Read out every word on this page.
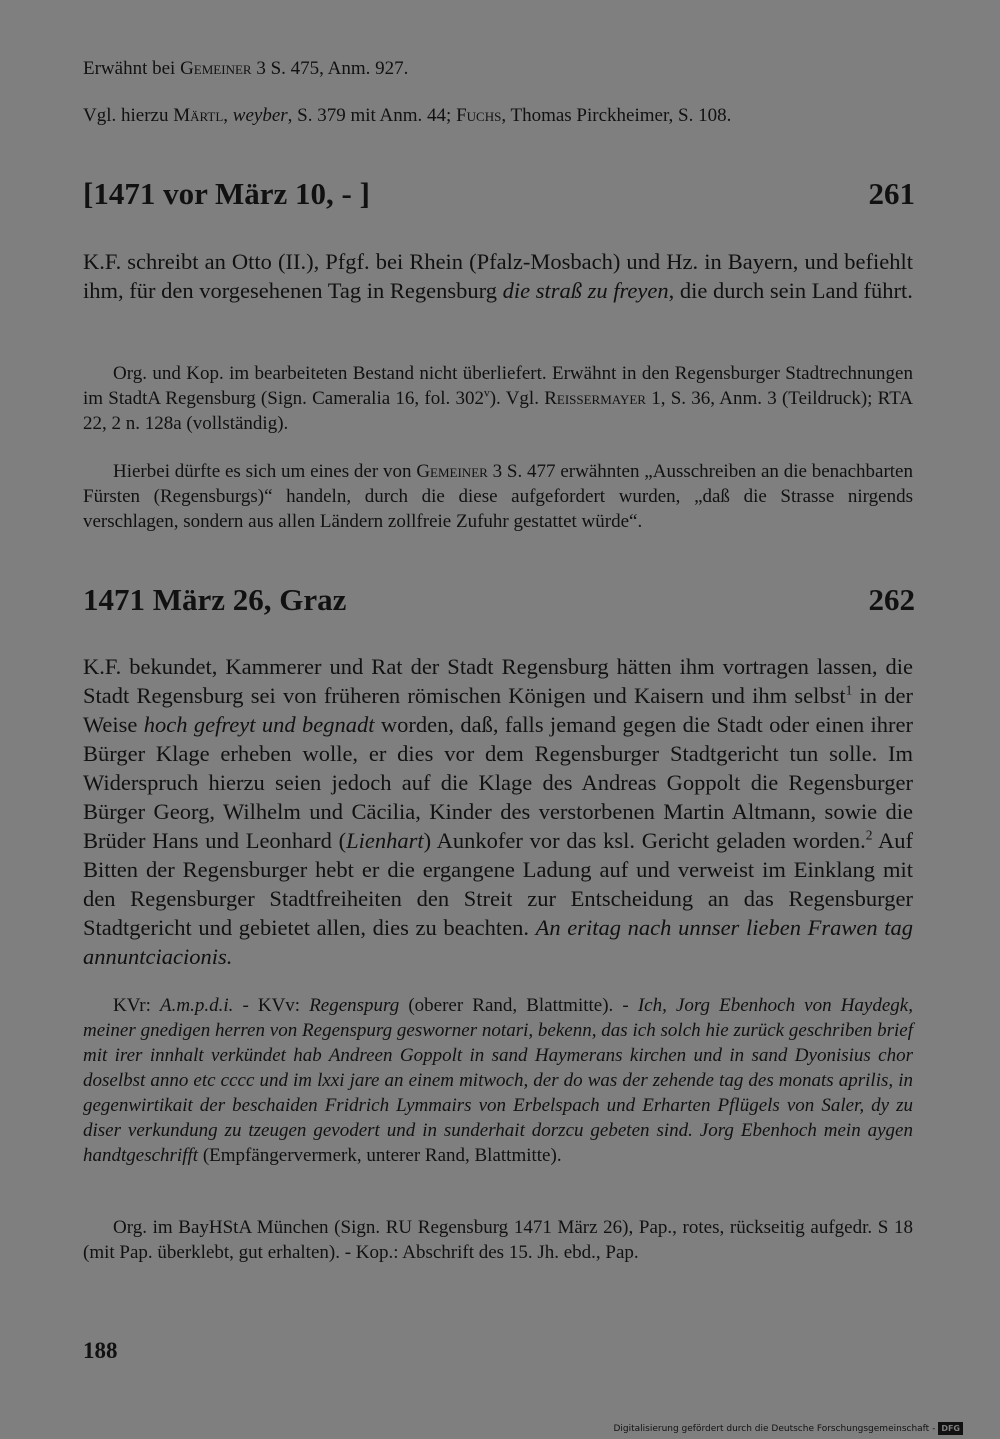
Erwähnt bei Gemeiner 3 S. 475, Anm. 927.

Vgl. hierzu Märtl, weyber, S. 379 mit Anm. 44; Fuchs, Thomas Pirckheimer, S. 108.

[1471 vor März 10, - ]	261

K.F. schreibt an Otto (II.), Pfgf. bei Rhein (Pfalz-Mosbach) und Hz. in Bayern, und befiehlt ihm, für den vorgesehenen Tag in Regensburg die straß zu freyen, die durch sein Land führt.

Org. und Kop. im bearbeiteten Bestand nicht überliefert. Erwähnt in den Regensburger Stadtrechnungen im StadtA Regensburg (Sign. Cameralia 16, fol. 302$^v$). Vgl. Reissermayer 1, S. 36, Anm. 3 (Teildruck); RTA 22, 2 n. 128a (vollständig).

Hierbei dürfte es sich um eines der von Gemeiner 3 S. 477 erwähnten „Ausschreiben an die benachbarten Fürsten (Regensburgs)“ handeln, durch die diese aufgefordert wurden, „daß die Strasse nirgends verschlagen, sondern aus allen Ländern zollfreie Zufuhr gestattet würde“.

1471 März 26, Graz	262

K.F. bekundet, Kammerer und Rat der Stadt Regensburg hätten ihm vortragen lassen, die Stadt Regensburg sei von früheren römischen Königen und Kaisern und ihm selbst$^1$ in der Weise hoch gefreyt und begnadt worden, daß, falls jemand gegen die Stadt oder einen ihrer Bürger Klage erheben wolle, er dies vor dem Regensburger Stadtgericht tun solle. Im Widerspruch hierzu seien jedoch auf die Klage des Andreas Goppolt die Regensburger Bürger Georg, Wilhelm und Cäcilia, Kinder des verstorbenen Martin Altmann, sowie die Brüder Hans und Leonhard (Lienhart) Aunkofer vor das ksl. Gericht geladen worden.$^2$ Auf Bitten der Regensburger hebt er die ergangene Ladung auf und verweist im Einklang mit den Regensburger Stadtfreiheiten den Streit zur Entscheidung an das Regensburger Stadtgericht und gebietet allen, dies zu beachten. An eritag nach unnser lieben Frawen tag annuntciacionis.

KVr: A.m.p.d.i. - KVv: Regenspurg (oberer Rand, Blattmitte). - Ich, Jorg Ebenhoch von Haydegk, meiner gnedigen herren von Regenspurg gesworner notari, bekenn, das ich solch hie zurück geschriben brief mit irer innhalt verkündet hab Andreen Goppolt in sand Haymerans kirchen und in sand Dyonisius chor doselbst anno etc cccc und im lxxi jare an einem mitwoch, der do was der zehende tag des monats aprilis, in gegenwirtikait der beschaiden Fridrich Lymmairs von Erbelspach und Erharten Pflügels von Saler, dy zu diser verkundung zu tzeugen gevodert und in sunderhait dorzcu gebeten sind. Jorg Ebenhoch mein aygen handtgeschrifft (Empfängervermerk, unterer Rand, Blattmitte).

Org. im BayHStA München (Sign. RU Regensburg 1471 März 26), Pap., rotes, rückseitig aufgedr. S 18 (mit Pap. überklebt, gut erhalten). - Kop.: Abschrift des 15. Jh. ebd., Pap.

188
Digitalisierung gefördert durch die Deutsche Forschungsgemeinschaft - DFG
